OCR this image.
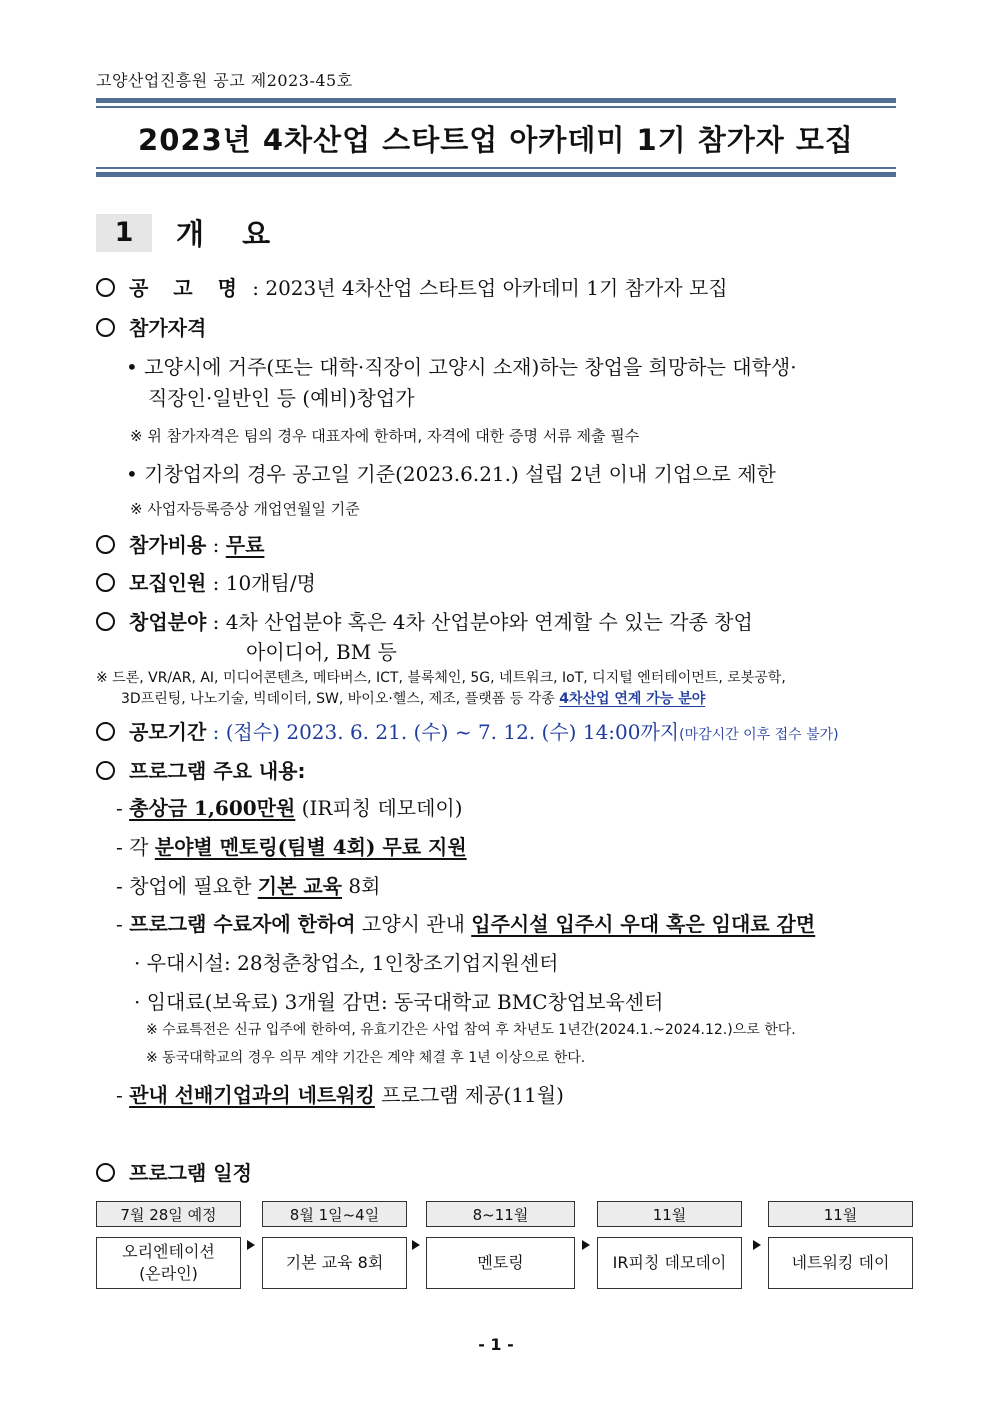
고양산업진흥원 공고 제2023-45호
2023년 4차산업 스타트업 아카데미 1기 참가자 모집
1	개 요
공 고 명 : 2023년 4차산업 스타트업 아카데미 1기 참가자 모집
참가자격
• 고양시에 거주(또는 대학·직장이 고양시 소재)하는 창업을 희망하는 대학생·
직장인·일반인 등 (예비)창업가
※ 위 참가자격은 팀의 경우 대표자에 한하며, 자격에 대한 증명 서류 제출 필수
• 기창업자의 경우 공고일 기준(2023.6.21.) 설립 2년 이내 기업으로 제한
※ 사업자등록증상 개업연월일 기준
참가비용 : 무료
모집인원 : 10개팀/명
창업분야 : 4차 산업분야 혹은 4차 산업분야와 연계할 수 있는 각종 창업
아이디어, BM 등
※ 드론, VR/AR, AI, 미디어콘텐츠, 메타버스, ICT, 블록체인, 5G, 네트워크, IoT, 디지털 엔터테이먼트, 로봇공학,
3D프린팅, 나노기술, 빅데이터, SW, 바이오·헬스, 제조, 플랫폼 등 각종 4차산업 연계 가능 분야
공모기간 : (접수) 2023. 6. 21. (수) ~ 7. 12. (수) 14:00까지(마감시간 이후 접수 불가)
프로그램 주요 내용:
- 총상금 1,600만원 (IR피칭 데모데이)
- 각 분야별 멘토링(팀별 4회) 무료 지원
- 창업에 필요한 기본 교육 8회
- 프로그램 수료자에 한하여 고양시 관내 입주시설 입주시 우대 혹은 임대료 감면
· 우대시설: 28청춘창업소, 1인창조기업지원센터
· 임대료(보육료) 3개월 감면: 동국대학교 BMC창업보육센터
※ 수료특전은 신규 입주에 한하여, 유효기간은 사업 참여 후 차년도 1년간(2024.1.~2024.12.)으로 한다.
※ 동국대학교의 경우 의무 계약 기간은 계약 체결 후 1년 이상으로 한다.
- 관내 선배기업과의 네트워킹 프로그램 제공(11월)
프로그램 일정
7월 28일 예정	8월 1일~4일	8~11월	11월	11월
오리엔테이션
(온라인)
기본 교육 8회	멘토링	IR피칭 데모데이	네트워킹 데이
- 1 -
